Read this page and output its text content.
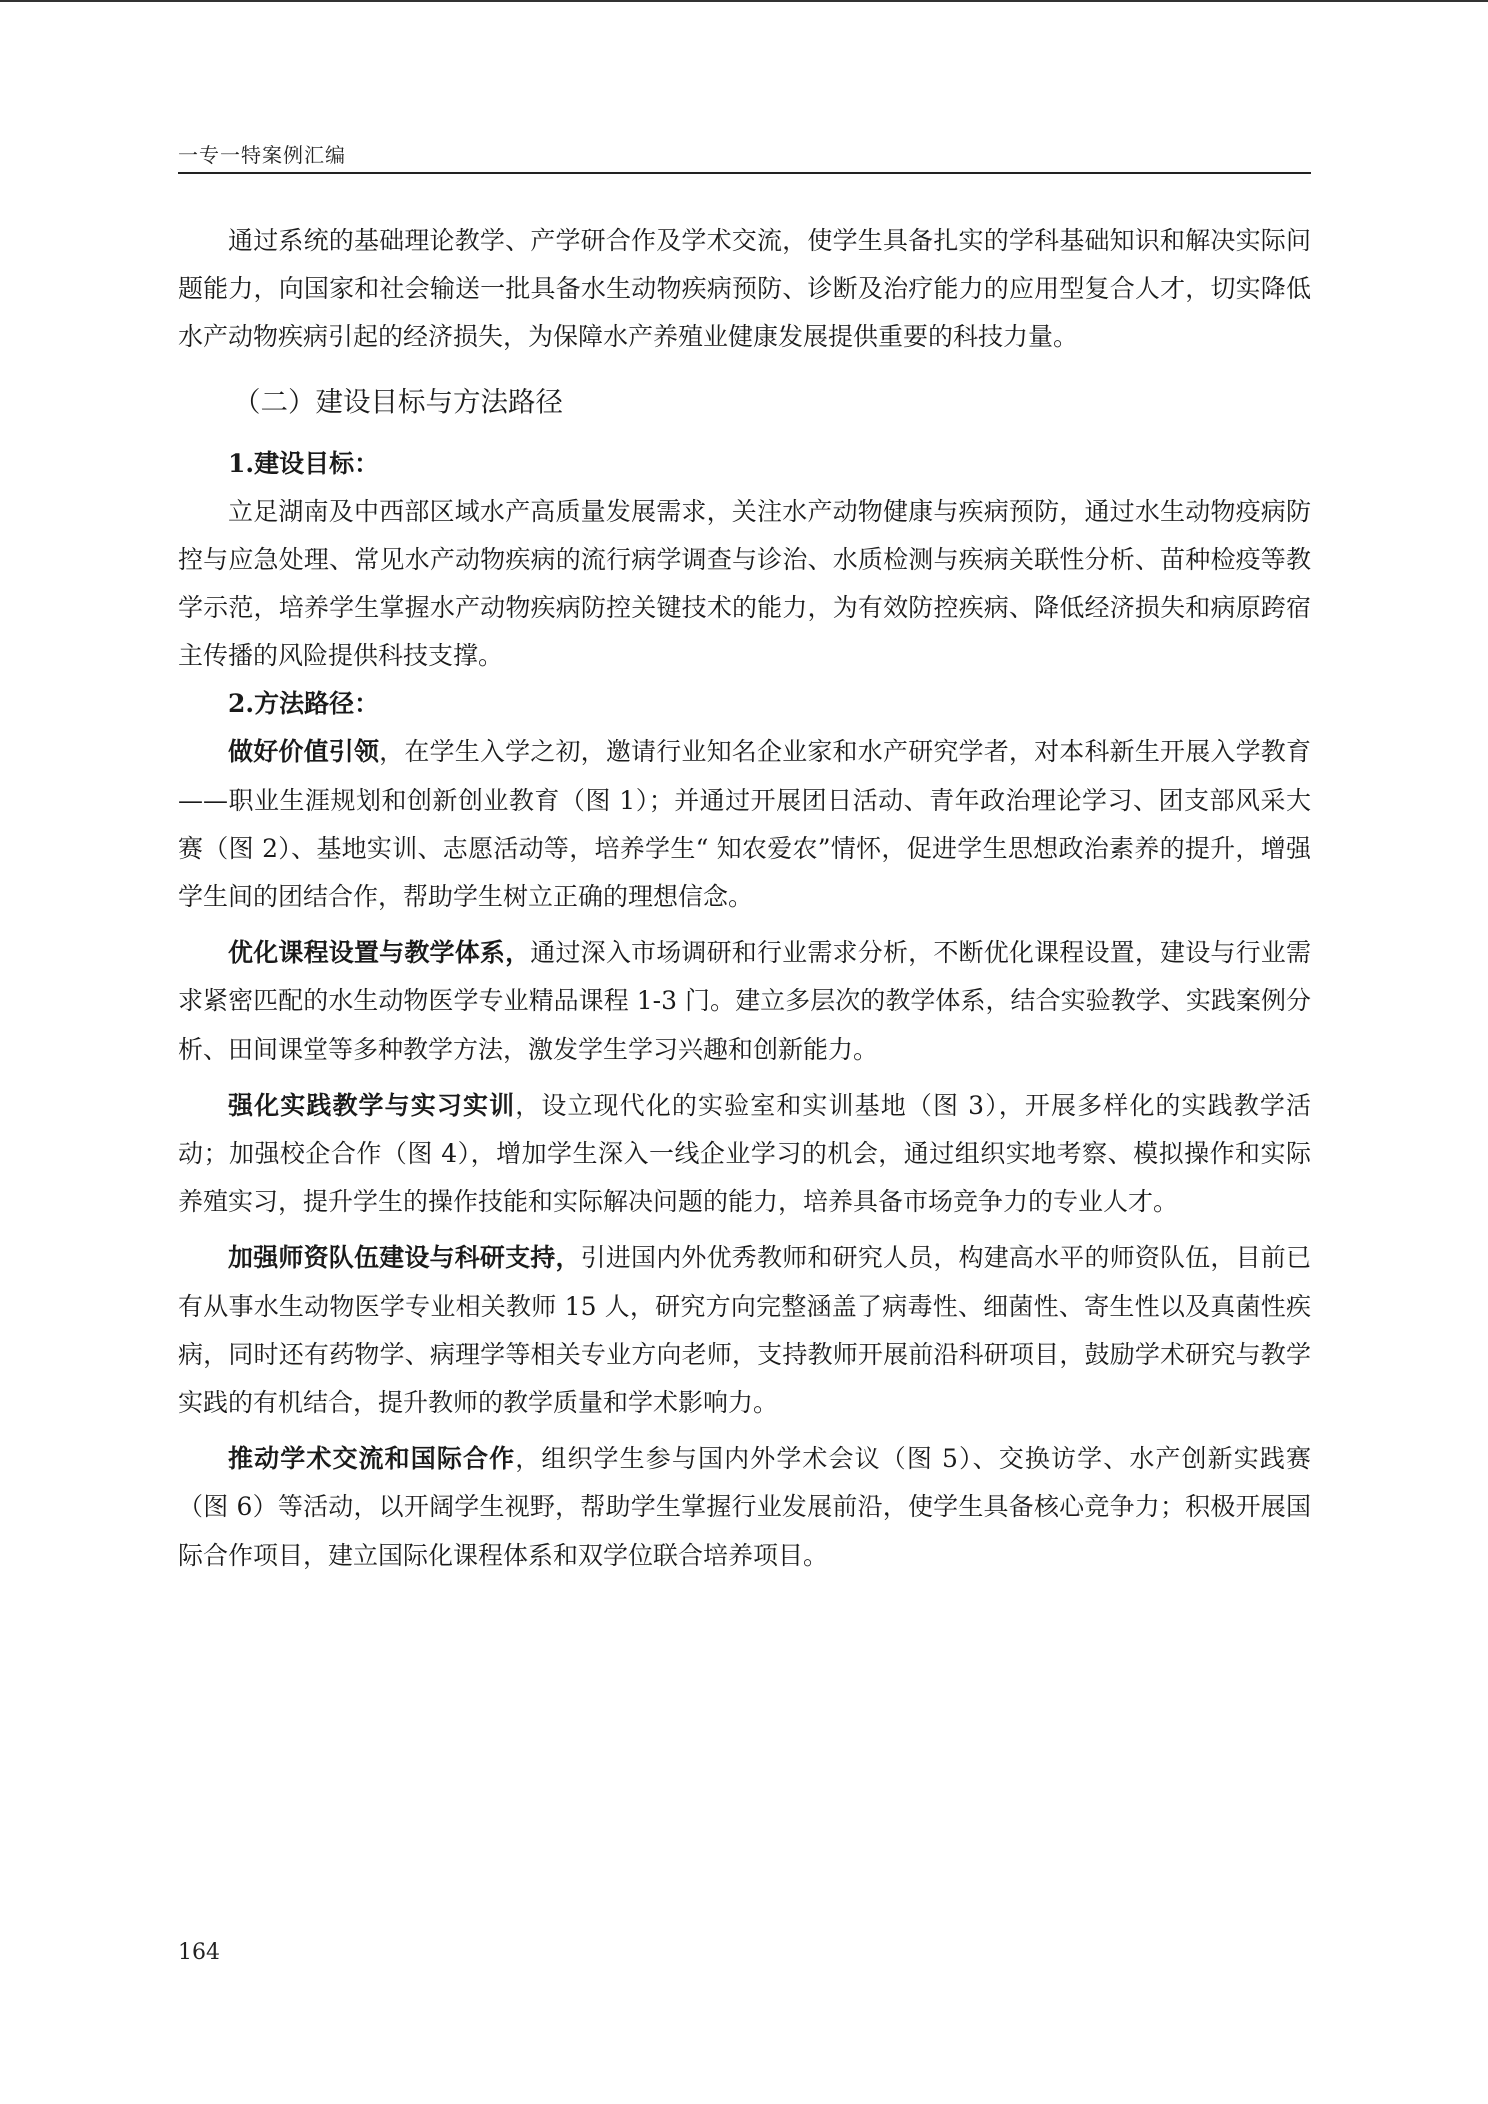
一专一特案例汇编

通过系统的基础理论教学、产学研合作及学术交流，使学生具备扎实的学科基础知识和解决实际问题能力，向国家和社会输送一批具备水生动物疾病预防、诊断及治疗能力的应用型复合人才，切实降低水产动物疾病引起的经济损失，为保障水产养殖业健康发展提供重要的科技力量。

（二）建设目标与方法路径

1.建设目标：

立足湖南及中西部区域水产高质量发展需求，关注水产动物健康与疾病预防，通过水生动物疫病防控与应急处理、常见水产动物疾病的流行病学调查与诊治、水质检测与疾病关联性分析、苗种检疫等教学示范，培养学生掌握水产动物疾病防控关键技术的能力，为有效防控疾病、降低经济损失和病原跨宿主传播的风险提供科技支撑。

2.方法路径：

做好价值引领，在学生入学之初，邀请行业知名企业家和水产研究学者，对本科新生开展入学教育——职业生涯规划和创新创业教育（图 1）；并通过开展团日活动、青年政治理论学习、团支部风采大赛（图 2）、基地实训、志愿活动等，培养学生“ 知农爱农”情怀，促进学生思想政治素养的提升，增强学生间的团结合作，帮助学生树立正确的理想信念。

优化课程设置与教学体系，通过深入市场调研和行业需求分析，不断优化课程设置，建设与行业需求紧密匹配的水生动物医学专业精品课程 1-3 门。建立多层次的教学体系，结合实验教学、实践案例分析、田间课堂等多种教学方法，激发学生学习兴趣和创新能力。

强化实践教学与实习实训，设立现代化的实验室和实训基地（图 3），开展多样化的实践教学活动；加强校企合作（图 4），增加学生深入一线企业学习的机会，通过组织实地考察、模拟操作和实际养殖实习，提升学生的操作技能和实际解决问题的能力，培养具备市场竞争力的专业人才。

加强师资队伍建设与科研支持，引进国内外优秀教师和研究人员，构建高水平的师资队伍，目前已有从事水生动物医学专业相关教师 15 人，研究方向完整涵盖了病毒性、细菌性、寄生性以及真菌性疾病，同时还有药物学、病理学等相关专业方向老师，支持教师开展前沿科研项目，鼓励学术研究与教学实践的有机结合，提升教师的教学质量和学术影响力。

推动学术交流和国际合作，组织学生参与国内外学术会议（图 5）、交换访学、水产创新实践赛（图 6）等活动，以开阔学生视野，帮助学生掌握行业发展前沿，使学生具备核心竞争力；积极开展国际合作项目，建立国际化课程体系和双学位联合培养项目。

164
